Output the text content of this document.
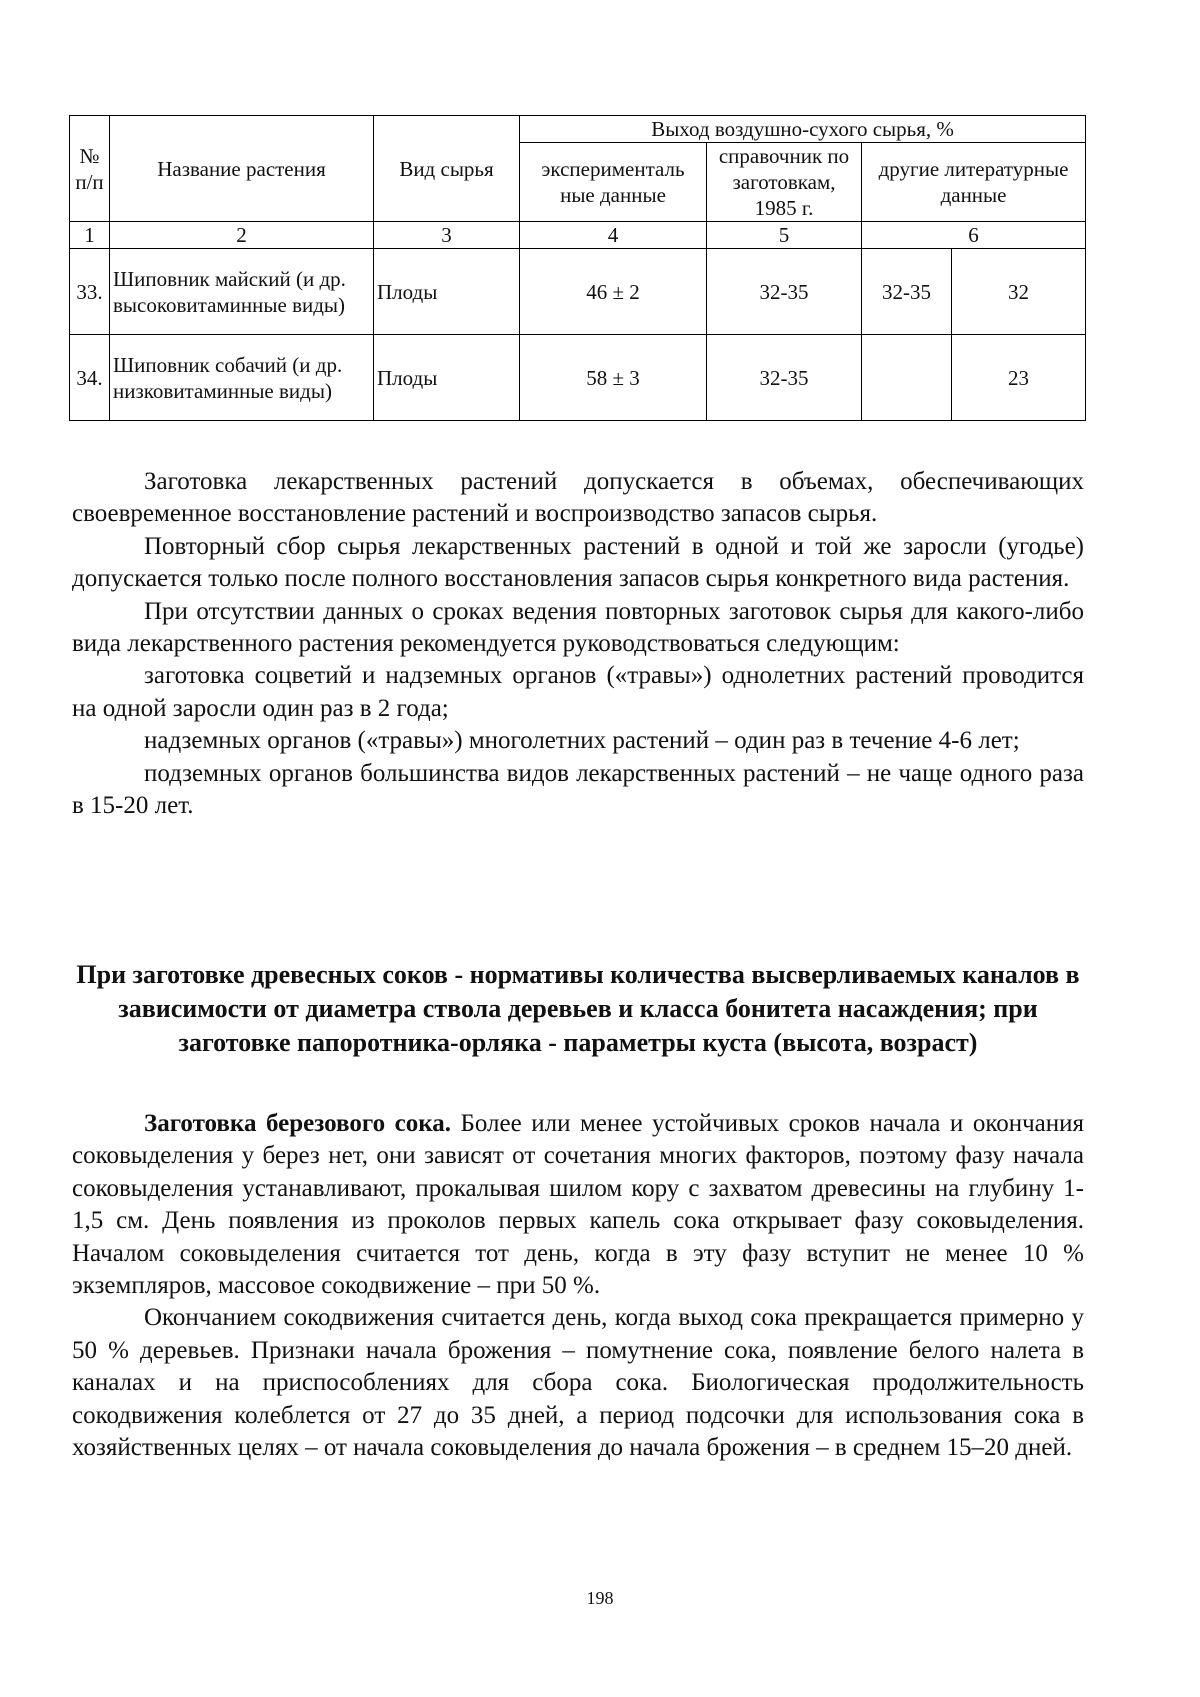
№ п/п	Название растения	Вид сырья	Выход воздушно-сухого сырья, %			
			эксперименталь ные данные	справочник по заготовкам, 1985 г.	другие литературные данные	
1	2	3	4	5	6	
33.	Шиповник майский (и др. высоковитаминные виды)	Плоды	46 ± 2	32-35	32-35	32
34.	Шиповник собачий (и др. низковитаминные виды)	Плоды	58 ± 3	32-35		23

Заготовка лекарственных растений допускается в объемах, обеспечивающих своевременное восстановление растений и воспроизводство запасов сырья.

Повторный сбор сырья лекарственных растений в одной и той же заросли (угодье) допускается только после полного восстановления запасов сырья конкретного вида растения.

При отсутствии данных о сроках ведения повторных заготовок сырья для какого-либо вида лекарственного растения рекомендуется руководствоваться следующим:

заготовка соцветий и надземных органов («травы») однолетних растений проводится на одной заросли один раз в 2 года;

надземных органов («травы») многолетних растений – один раз в течение 4-6 лет;

подземных органов большинства видов лекарственных растений – не чаще одного раза в 15-20 лет.

При заготовке древесных соков - нормативы количества высверливаемых каналов в зависимости от диаметра ствола деревьев и класса бонитета насаждения; при заготовке папоротника-орляка - параметры куста (высота, возраст)

Заготовка березового сока. Более или менее устойчивых сроков начала и окончания соковыделения у берез нет, они зависят от сочетания многих факторов, поэтому фазу начала соковыделения устанавливают, прокалывая шилом кору с захватом древесины на глубину 1-1,5 см. День появления из проколов первых капель сока открывает фазу соковыделения. Началом соковыделения считается тот день, когда в эту фазу вступит не менее 10 % экземпляров, массовое сокодвижение – при 50 %.

Окончанием сокодвижения считается день, когда выход сока прекращается примерно у 50 % деревьев. Признаки начала брожения – помутнение сока, появление белого налета в каналах и на приспособлениях для сбора сока. Биологическая продолжительность сокодвижения колеблется от 27 до 35 дней, а период подсочки для использования сока в хозяйственных целях – от начала соковыделения до начала брожения – в среднем 15–20 дней.

198
